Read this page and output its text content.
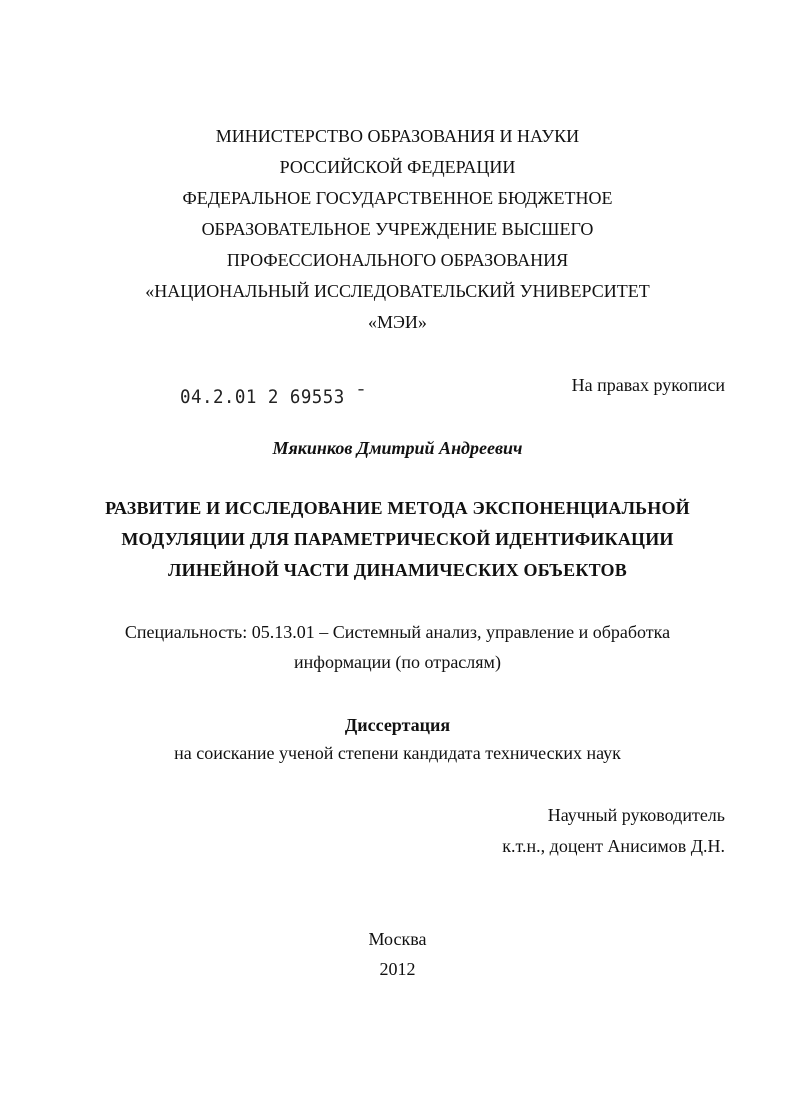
МИНИСТЕРСТВО ОБРАЗОВАНИЯ И НАУКИ
РОССИЙСКОЙ ФЕДЕРАЦИИ
ФЕДЕРАЛЬНОЕ ГОСУДАРСТВЕННОЕ БЮДЖЕТНОЕ
ОБРАЗОВАТЕЛЬНОЕ УЧРЕЖДЕНИЕ ВЫСШЕГО
ПРОФЕССИОНАЛЬНОГО ОБРАЗОВАНИЯ
«НАЦИОНАЛЬНЫЙ ИССЛЕДОВАТЕЛЬСКИЙ УНИВЕРСИТЕТ
«МЭИ»
04.2.01 2 69553 ˉ
На правах рукописи
Мякинков Дмитрий Андреевич
РАЗВИТИЕ И ИССЛЕДОВАНИЕ МЕТОДА ЭКСПОНЕНЦИАЛЬНОЙ
МОДУЛЯЦИИ ДЛЯ ПАРАМЕТРИЧЕСКОЙ ИДЕНТИФИКАЦИИ
ЛИНЕЙНОЙ ЧАСТИ ДИНАМИЧЕСКИХ ОБЪЕКТОВ
Специальность: 05.13.01 – Системный анализ, управление и обработка
информации (по отраслям)
Диссертация
на соискание ученой степени кандидата технических наук
Научный руководитель
к.т.н., доцент Анисимов Д.Н.
Москва
2012
